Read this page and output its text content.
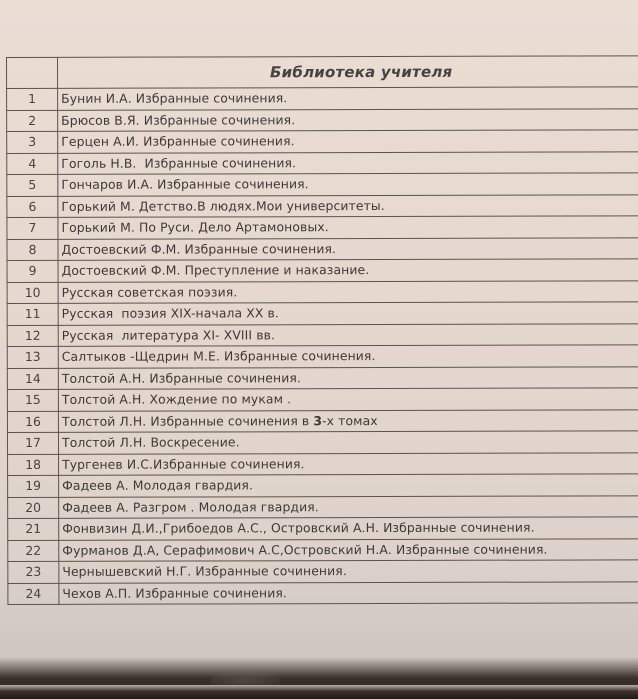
	Библиотека учителя
1	Бунин И.А. Избранные сочинения.
2	Брюсов В.Я. Избранные сочинения.
3	Герцен А.И. Избранные сочинения.
4	Гоголь Н.В.  Избранные сочинения.
5	Гончаров И.А. Избранные сочинения.
6	Горький М. Детство.В людях.Мои университеты.
7	Горький М. По Руси. Дело Артамоновых.
8	Достоевский Ф.М. Избранные сочинения.
9	Достоевский Ф.М. Преступление и наказание.
10	Русская советская поэзия.
11	Русская  поэзия XIX-начала XX в.
12	Русская  литература XI- XVIII вв.
13	Салтыков -Щедрин М.Е. Избранные сочинения.
14	Толстой А.Н. Избранные сочинения.
15	Толстой А.Н. Хождение по мукам .
16	Толстой Л.Н. Избранные сочинения в 3-х томах
17	Толстой Л.Н. Воскресение.
18	Тургенев И.С.Избранные сочинения.
19	Фадеев А. Молодая гвардия.
20	Фадеев А. Разгром . Молодая гвардия.
21	Фонвизин Д.И.,Грибоедов А.С., Островский А.Н. Избранные сочинения.
22	Фурманов Д.А, Серафимович А.С,Островский Н.А. Избранные сочинения.
23	Чернышевский Н.Г. Избранные сочинения.
24	Чехов А.П. Избранные сочинения.
